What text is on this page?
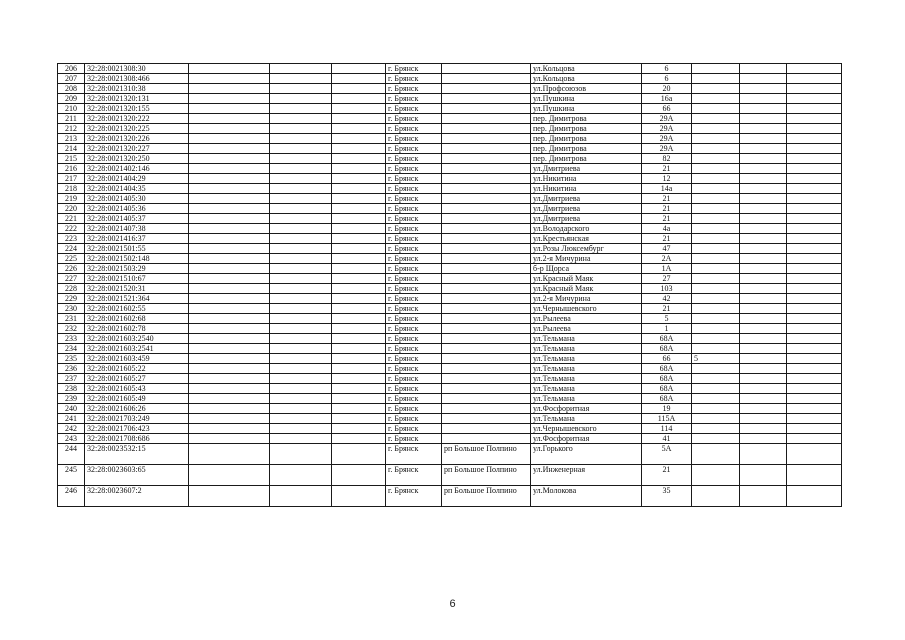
206	32:28:0021308:30				г. Брянск		ул.Кольцова	6			
207	32:28:0021308:466				г. Брянск		ул.Кольцова	6			
208	32:28:0021310:38				г. Брянск		ул.Профсоюзов	20			
209	32:28:0021320:131				г. Брянск		ул.Пушкина	16а			
210	32:28:0021320:155				г. Брянск		ул.Пушкина	66			
211	32:28:0021320:222				г. Брянск		пер. Димитрова	29А			
212	32:28:0021320:225				г. Брянск		пер. Димитрова	29А			
213	32:28:0021320:226				г. Брянск		пер. Димитрова	29А			
214	32:28:0021320:227				г. Брянск		пер. Димитрова	29А			
215	32:28:0021320:250				г. Брянск		пер. Димитрова	82			
216	32:28:0021402:146				г. Брянск		ул.Дмитриева	21			
217	32:28:0021404:29				г. Брянск		ул.Никитина	12			
218	32:28:0021404:35				г. Брянск		ул.Никитина	14а			
219	32:28:0021405:30				г. Брянск		ул.Дмитриева	21			
220	32:28:0021405:36				г. Брянск		ул.Дмитриева	21			
221	32:28:0021405:37				г. Брянск		ул.Дмитриева	21			
222	32:28:0021407:38				г. Брянск		ул.Володарского	4а			
223	32:28:0021416:37				г. Брянск		ул.Крестьянская	21			
224	32:28:0021501:55				г. Брянск		ул.Розы Люксембург	47			
225	32:28:0021502:148				г. Брянск		ул.2-я Мичурина	2А			
226	32:28:0021503:29				г. Брянск		б-р Щорса	1А			
227	32:28:0021510:67				г. Брянск		ул.Красный Маяк	27			
228	32:28:0021520:31				г. Брянск		ул.Красный Маяк	103			
229	32:28:0021521:364				г. Брянск		ул.2-я Мичурина	42			
230	32:28:0021602:55				г. Брянск		ул.Чернышевского	21			
231	32:28:0021602:68				г. Брянск		ул.Рылеева	5			
232	32:28:0021602:78				г. Брянск		ул.Рылеева	1			
233	32:28:0021603:2540				г. Брянск		ул.Тельмана	68А			
234	32:28:0021603:2541				г. Брянск		ул.Тельмана	68А			
235	32:28:0021603:459				г. Брянск		ул.Тельмана	66	5		
236	32:28:0021605:22				г. Брянск		ул.Тельмана	68А			
237	32:28:0021605:27				г. Брянск		ул.Тельмана	68А			
238	32:28:0021605:43				г. Брянск		ул.Тельмана	68А			
239	32:28:0021605:49				г. Брянск		ул.Тельмана	68А			
240	32:28:0021606:26				г. Брянск		ул.Фосфоритная	19			
241	32:28:0021703:249				г. Брянск		ул.Тельмана	115А			
242	32:28:0021706:423				г. Брянск		ул.Чернышевского	114			
243	32:28:0021708:686				г. Брянск		ул.Фосфоритная	41			
244	32:28:0023532:15				г. Брянск	рп Большое Полпино	ул.Горького	5А			
245	32:28:0023603:65				г. Брянск	рп Большое Полпино	ул.Инженерная	21			
246	32:28:0023607:2				г. Брянск	рп Большое Полпино	ул.Молокова	35			
6
